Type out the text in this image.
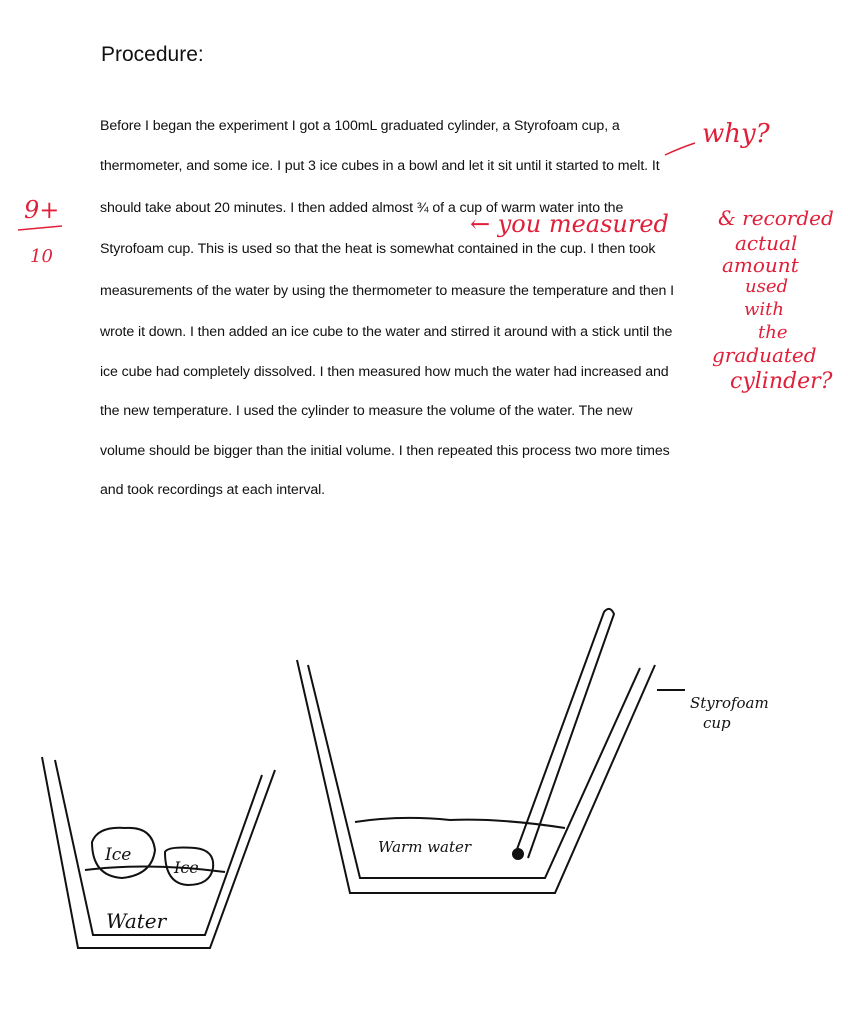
Procedure:
Before I began the experiment I got a 100mL graduated cylinder, a Styrofoam cup, a
thermometer, and some ice. I put 3 ice cubes in a bowl and let it sit until it started to melt. It
should take about 20 minutes. I then added almost ¾ of a cup of warm water into the
Styrofoam cup. This is used so that the heat is somewhat contained in the cup. I then took
measurements of the water by using the thermometer to measure the temperature and then I
wrote it down. I then added an ice cube to the water and stirred it around with a stick until the
ice cube had completely dissolved. I then measured how much the water had increased and
the new temperature. I used the cylinder to measure the volume of the water. The new
volume should be bigger than the initial volume. I then repeated this process two more times
and took recordings at each interval.
9+
10
why?
← you measured & recorded
actual
amount
used
with
the
graduated
cylinder?
Ice
Ice
Water
Warm water
Styrofoam
cup
